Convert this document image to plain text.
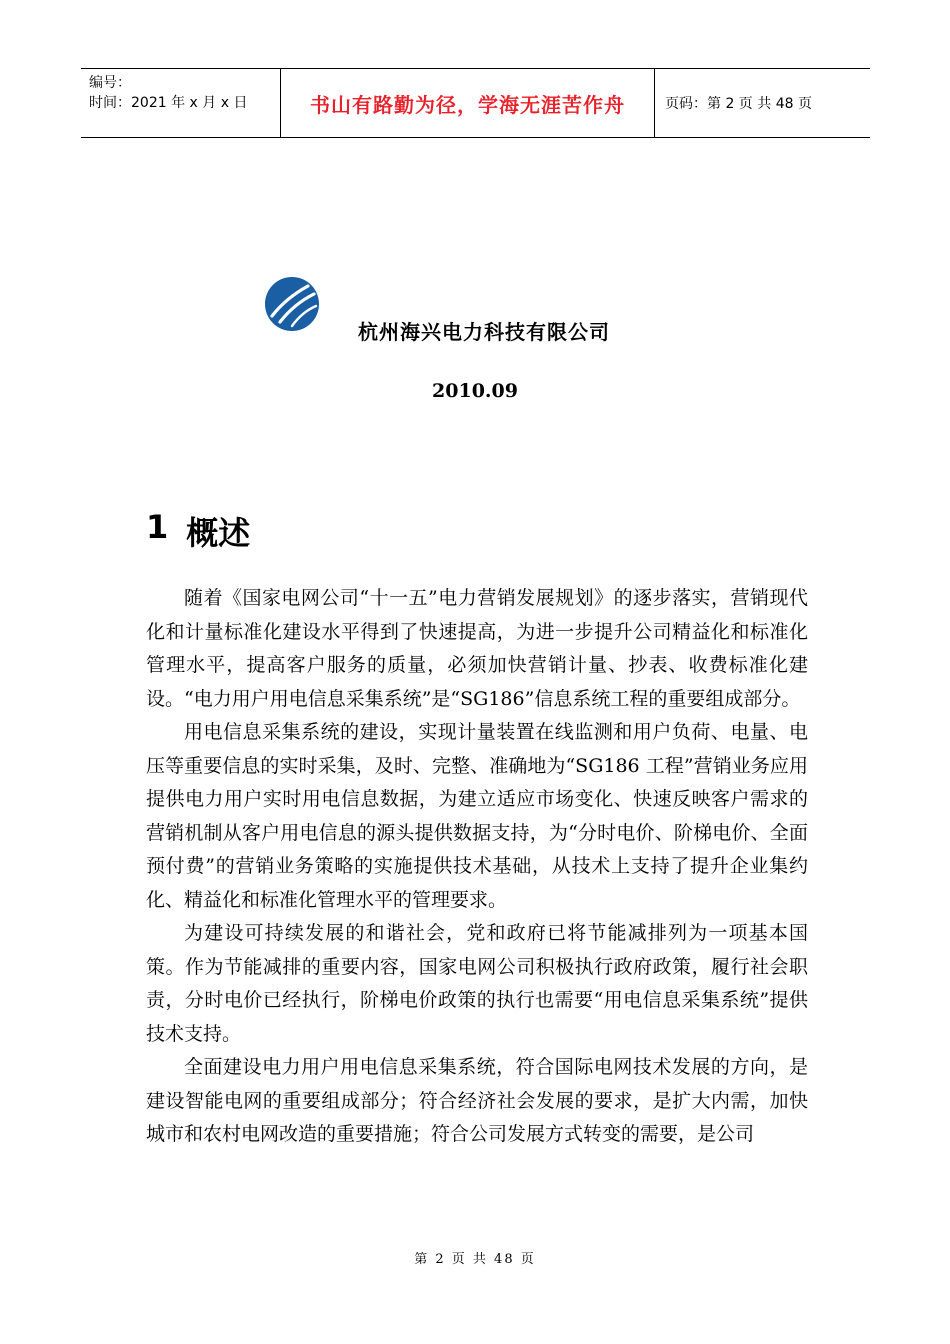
编号：
时间：2021 年 x 月 x 日	书山有路勤为径，学海无涯苦作舟	页码：第 2 页 共 48 页
杭州海兴电力科技有限公司
2010.09
1 概述

随着《国家电网公司“十一五”电力营销发展规划》的逐步落实，营销现代化和计量标准化建设水平得到了快速提高，为进一步提升公司精益化和标准化管理水平，提高客户服务的质量，必须加快营销计量、抄表、收费标准化建设。“电力用户用电信息采集系统”是“SG186”信息系统工程的重要组成部分。

用电信息采集系统的建设，实现计量装置在线监测和用户负荷、电量、电压等重要信息的实时采集，及时、完整、准确地为“SG186 工程”营销业务应用提供电力用户实时用电信息数据，为建立适应市场变化、快速反映客户需求的营销机制从客户用电信息的源头提供数据支持，为“分时电价、阶梯电价、全面预付费”的营销业务策略的实施提供技术基础，从技术上支持了提升企业集约化、精益化和标准化管理水平的管理要求。

为建设可持续发展的和谐社会，党和政府已将节能减排列为一项基本国策。作为节能减排的重要内容，国家电网公司积极执行政府政策，履行社会职责，分时电价已经执行，阶梯电价政策的执行也需要“用电信息采集系统”提供技术支持。

全面建设电力用户用电信息采集系统，符合国际电网技术发展的方向，是建设智能电网的重要组成部分；符合经济社会发展的要求，是扩大内需，加快城市和农村电网改造的重要措施；符合公司发展方式转变的需要，是公司

第 2 页 共 48 页
